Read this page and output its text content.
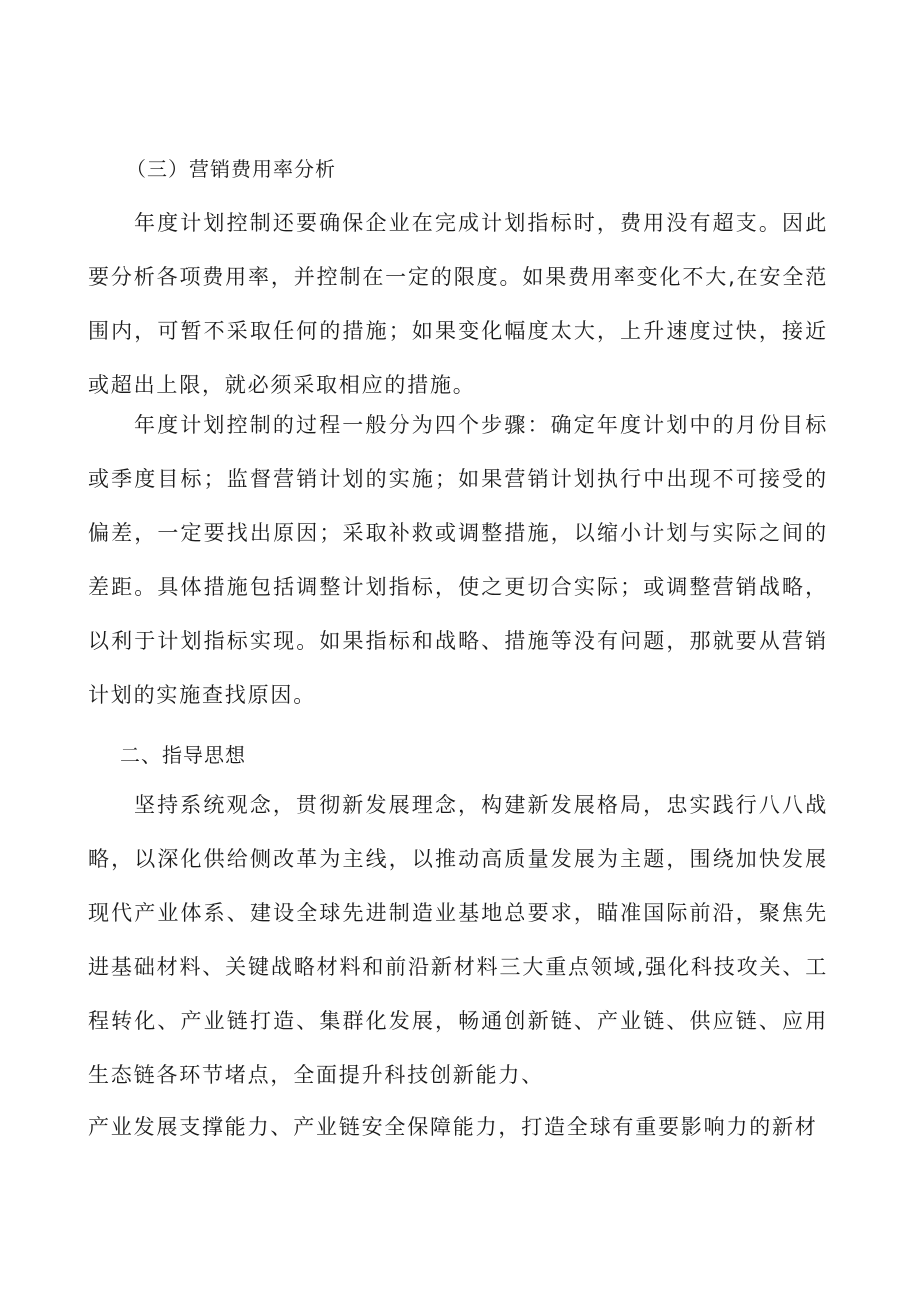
（三）营销费用率分析

年度计划控制还要确保企业在完成计划指标时，费用没有超支。因此要分析各项费用率，并控制在一定的限度。如果费用率变化不大,在安全范围内，可暂不采取任何的措施；如果变化幅度太大，上升速度过快，接近或超出上限，就必须采取相应的措施。

年度计划控制的过程一般分为四个步骤：确定年度计划中的月份目标或季度目标；监督营销计划的实施；如果营销计划执行中出现不可接受的偏差，一定要找出原因；采取补救或调整措施，以缩小计划与实际之间的差距。具体措施包括调整计划指标，使之更切合实际；或调整营销战略，以利于计划指标实现。如果指标和战略、措施等没有问题，那就要从营销计划的实施查找原因。

二、指导思想

坚持系统观念，贯彻新发展理念，构建新发展格局，忠实践行八八战略，以深化供给侧改革为主线，以推动高质量发展为主题，围绕加快发展现代产业体系、建设全球先进制造业基地总要求，瞄准国际前沿，聚焦先进基础材料、关键战略材料和前沿新材料三大重点领域,强化科技攻关、工程转化、产业链打造、集群化发展，畅通创新链、产业链、供应链、应用生态链各环节堵点，全面提升科技创新能力、

产业发展支撑能力、产业链安全保障能力，打造全球有重要影响力的新材
